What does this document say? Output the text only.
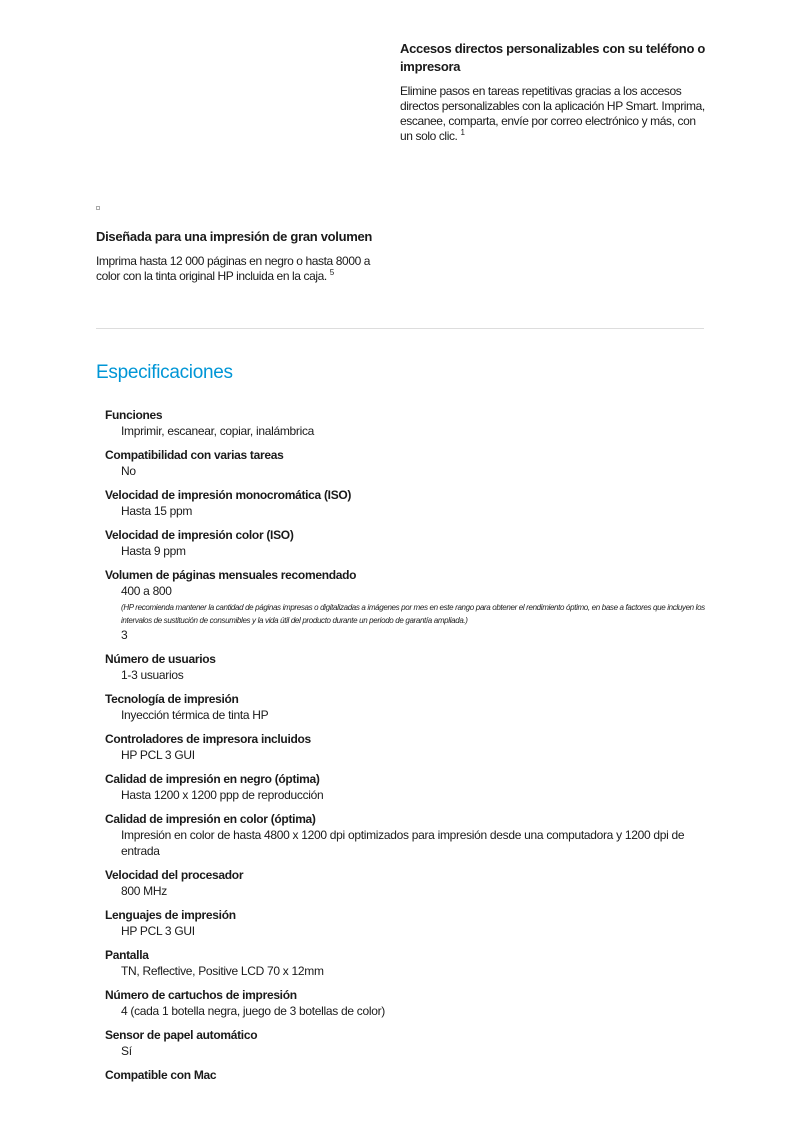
Accesos directos personalizables con su teléfono o impresora

Elimine pasos en tareas repetitivas gracias a los accesos directos personalizables con la aplicación HP Smart. Imprima, escanee, comparta, envíe por correo electrónico y más, con un solo clic. $^1$

Diseñada para una impresión de gran volumen

Imprima hasta 12 000 páginas en negro o hasta 8000 a color con la tinta original HP incluida en la caja. $^5$

Especificaciones
Funciones
Imprimir, escanear, copiar, inalámbrica
Compatibilidad con varias tareas
No
Velocidad de impresión monocromática (ISO)
Hasta 15 ppm
Velocidad de impresión color (ISO)
Hasta 9 ppm
Volumen de páginas mensuales recomendado
400 a 800
(HP recomienda mantener la cantidad de páginas impresas o digitalizadas a imágenes por mes en este rango para obtener el rendimiento óptimo, en base a factores que incluyen los intervalos de sustitución de consumibles y la vida útil del producto durante un periodo de garantía ampliada.)
3
Número de usuarios
1-3 usuarios
Tecnología de impresión
Inyección térmica de tinta HP
Controladores de impresora incluidos
HP PCL 3 GUI
Calidad de impresión en negro (óptima)
Hasta 1200 x 1200 ppp de reproducción
Calidad de impresión en color (óptima)
Impresión en color de hasta 4800 x 1200 dpi optimizados para impresión desde una computadora y 1200 dpi de entrada
Velocidad del procesador
800 MHz
Lenguajes de impresión
HP PCL 3 GUI
Pantalla
TN, Reflective, Positive LCD 70 x 12mm
Número de cartuchos de impresión
4 (cada 1 botella negra, juego de 3 botellas de color)
Sensor de papel automático
Sí
Compatible con Mac
